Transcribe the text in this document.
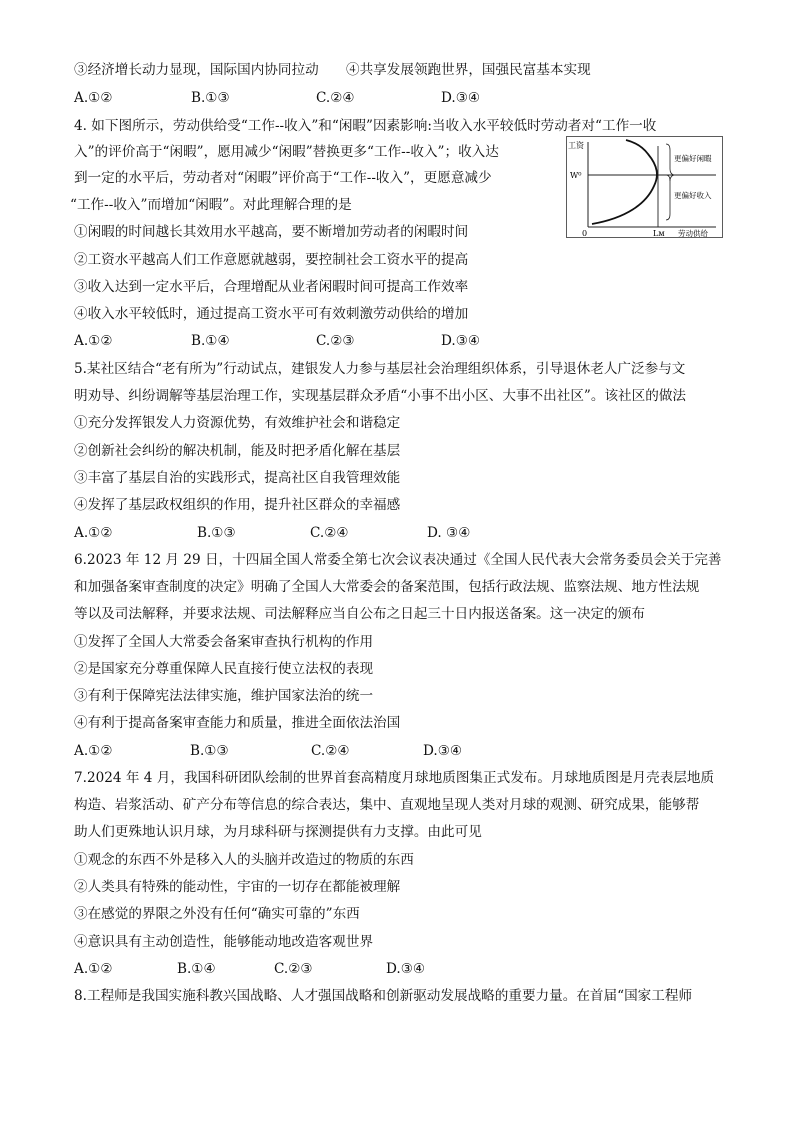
③经济增长动力显现，国际国内协同拉动 ④共享发展领跑世界，国强民富基本实现
A.①②	B.①③	C.②④	D.③④
4. 如下图所示，劳动供给受“工作--收入”和“闲暇”因素影响:当收入水平较低时劳动者对“工作一收
入”的评价高于“闲暇”，愿用减少“闲暇”替换更多“工作--收入”；收入达
到一定的水平后，劳动者对“闲暇”评价高于“工作--收入”，更愿意减少
“工作--收入”而增加“闲暇”。对此理解合理的是
工资
W⁰
0	Lм 劳动供给
更偏好闲暇
更偏好收入
①闲暇的时间越长其效用水平越高，要不断增加劳动者的闲暇时间
②工资水平越高人们工作意愿就越弱，要控制社会工资水平的提高
③收入达到一定水平后，合理增配从业者闲暇时间可提高工作效率
④收入水平较低时，通过提高工资水平可有效刺激劳动供给的增加
A.①②	B.①④	C.②③	D.③④
5.某社区结合“老有所为”行动试点，建银发人力参与基层社会治理组织体系，引导退休老人广泛参与文
明劝导、纠纷调解等基层治理工作，实现基层群众矛盾“小事不出小区、大事不出社区”。该社区的做法
①充分发挥银发人力资源优势，有效维护社会和谐稳定
②创新社会纠纷的解决机制，能及时把矛盾化解在基层
③丰富了基层自治的实践形式，提高社区自我管理效能
④发挥了基层政权组织的作用，提升社区群众的幸福感
A.①②	B.①③	C.②④	D. ③④
6.2023 年 12 月 29 日，十四届全国人常委全第七次会议表决通过《全国人民代表大会常务委员会关于完善
和加强备案审查制度的决定》明确了全国人大常委会的备案范围，包括行政法规、监察法规、地方性法规
等以及司法解释，并要求法规、司法解释应当自公布之日起三十日内报送备案。这一决定的颁布
①发挥了全国人大常委会备案审查执行机构的作用
②是国家充分尊重保障人民直接行使立法权的表现
③有利于保障宪法法律实施，维护国家法治的统一
④有利于提高备案审查能力和质量，推进全面依法治国
A.①②	B.①③	C.②④	D.③④
7.2024 年 4 月，我国科研团队绘制的世界首套高精度月球地质图集正式发布。月球地质图是月壳表层地质
构造、岩浆活动、矿产分布等信息的综合表达，集中、直观地呈现人类对月球的观测、研究成果，能够帮
助人们更殊地认识月球，为月球科研与探测提供有力支撑。由此可见
①观念的东西不外是移入人的头脑并改造过的物质的东西
②人类具有特殊的能动性，宇宙的一切存在都能被理解
③在感觉的界限之外没有任何“确实可靠的”东西
④意识具有主动创造性，能够能动地改造客观世界
A.①②	B.①④	C.②③	D.③④
8.工程师是我国实施科教兴国战略、人才强国战略和创新驱动发展战略的重要力量。在首届“国家工程师
